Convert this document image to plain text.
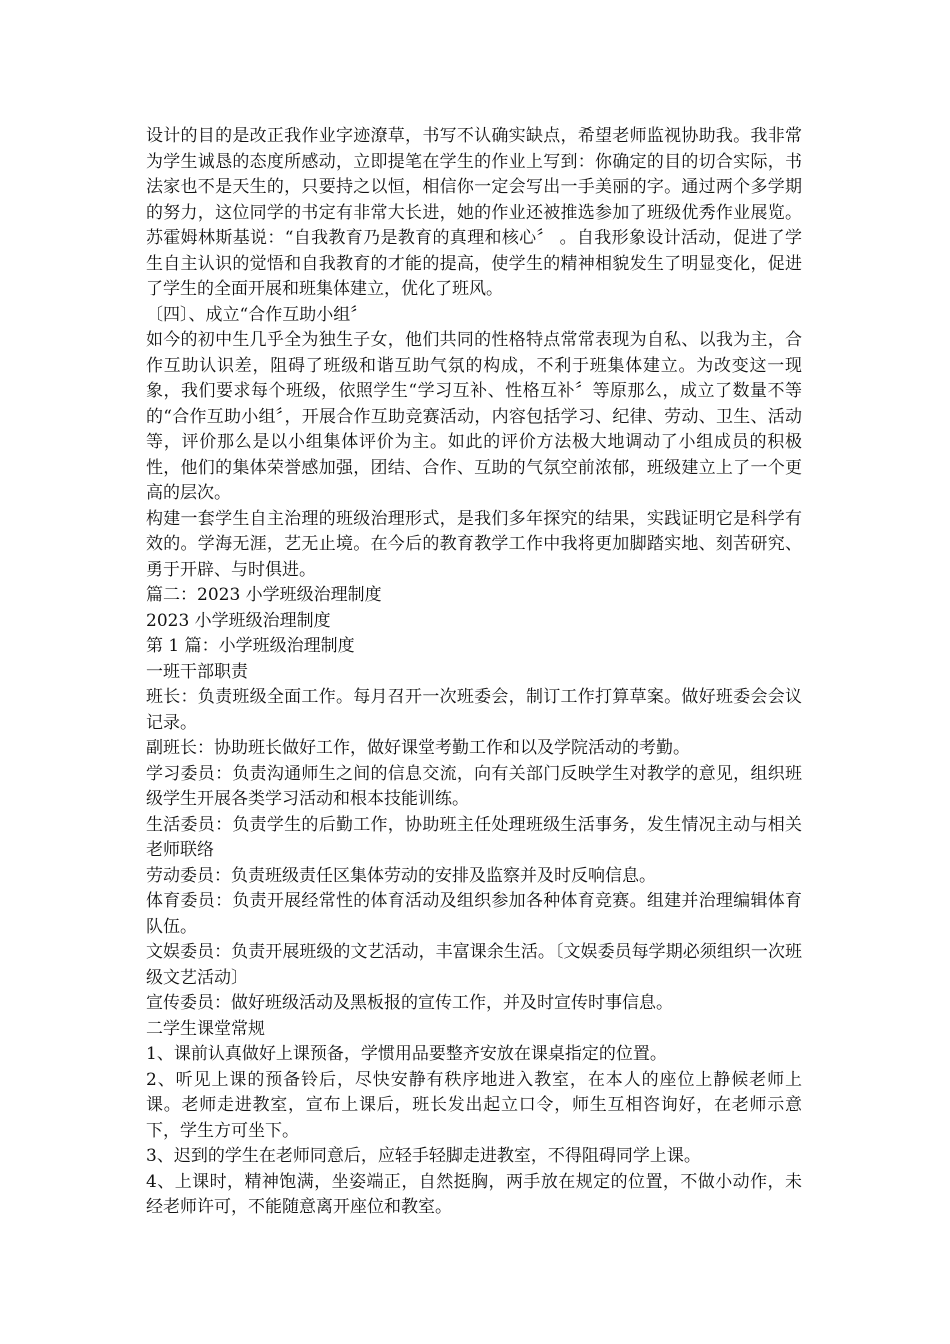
设计的目的是改正我作业字迹潦草，书写不认确实缺点，希望老师监视协助我。我非常为学生诚恳的态度所感动，立即提笔在学生的作业上写到：你确定的目的切合实际，书法家也不是天生的，只要持之以恒，相信你一定会写出一手美丽的字。通过两个多学期的努力，这位同学的书定有非常大长进，她的作业还被推选参加了班级优秀作业展览。苏霍姆林斯基说：“自我教育乃是教育的真理和核心〞 。自我形象设计活动，促进了学生自主认识的觉悟和自我教育的才能的提高，使学生的精神相貌发生了明显变化，促进了学生的全面开展和班集体建立，优化了班风。

〔四〕、成立“合作互助小组〞

如今的初中生几乎全为独生子女，他们共同的性格特点常常表现为自私、以我为主，合作互助认识差，阻碍了班级和谐互助气氛的构成，不利于班集体建立。为改变这一现象，我们要求每个班级，依照学生“学习互补、性格互补〞等原那么，成立了数量不等的“合作互助小组〞，开展合作互助竞赛活动，内容包括学习、纪律、劳动、卫生、活动等，评价那么是以小组集体评价为主。如此的评价方法极大地调动了小组成员的积极性，他们的集体荣誉感加强，团结、合作、互助的气氛空前浓郁，班级建立上了一个更高的层次。

构建一套学生自主治理的班级治理形式，是我们多年探究的结果，实践证明它是科学有效的。学海无涯，艺无止境。在今后的教育教学工作中我将更加脚踏实地、刻苦研究、勇于开辟、与时俱进。

篇二：2023 小学班级治理制度

2023 小学班级治理制度

第 1 篇：小学班级治理制度

一班干部职责

班长：负责班级全面工作。每月召开一次班委会，制订工作打算草案。做好班委会会议记录。

副班长：协助班长做好工作，做好课堂考勤工作和以及学院活动的考勤。

学习委员：负责沟通师生之间的信息交流，向有关部门反映学生对教学的意见，组织班级学生开展各类学习活动和根本技能训练。

生活委员：负责学生的后勤工作，协助班主任处理班级生活事务，发生情况主动与相关老师联络

劳动委员：负责班级责任区集体劳动的安排及监察并及时反响信息。

体育委员：负责开展经常性的体育活动及组织参加各种体育竞赛。组建并治理编辑体育队伍。

文娱委员：负责开展班级的文艺活动，丰富课余生活。〔文娱委员每学期必须组织一次班级文艺活动〕

宣传委员：做好班级活动及黑板报的宣传工作，并及时宣传时事信息。

二学生课堂常规

1、课前认真做好上课预备，学惯用品要整齐安放在课桌指定的位置。

2、听见上课的预备铃后，尽快安静有秩序地进入教室，在本人的座位上静候老师上课。老师走进教室，宣布上课后，班长发出起立口令，师生互相咨询好，在老师示意下，学生方可坐下。

3、迟到的学生在老师同意后，应轻手轻脚走进教室，不得阻碍同学上课。

4、上课时，精神饱满，坐姿端正，自然挺胸，两手放在规定的位置，不做小动作，未经老师许可，不能随意离开座位和教室。
